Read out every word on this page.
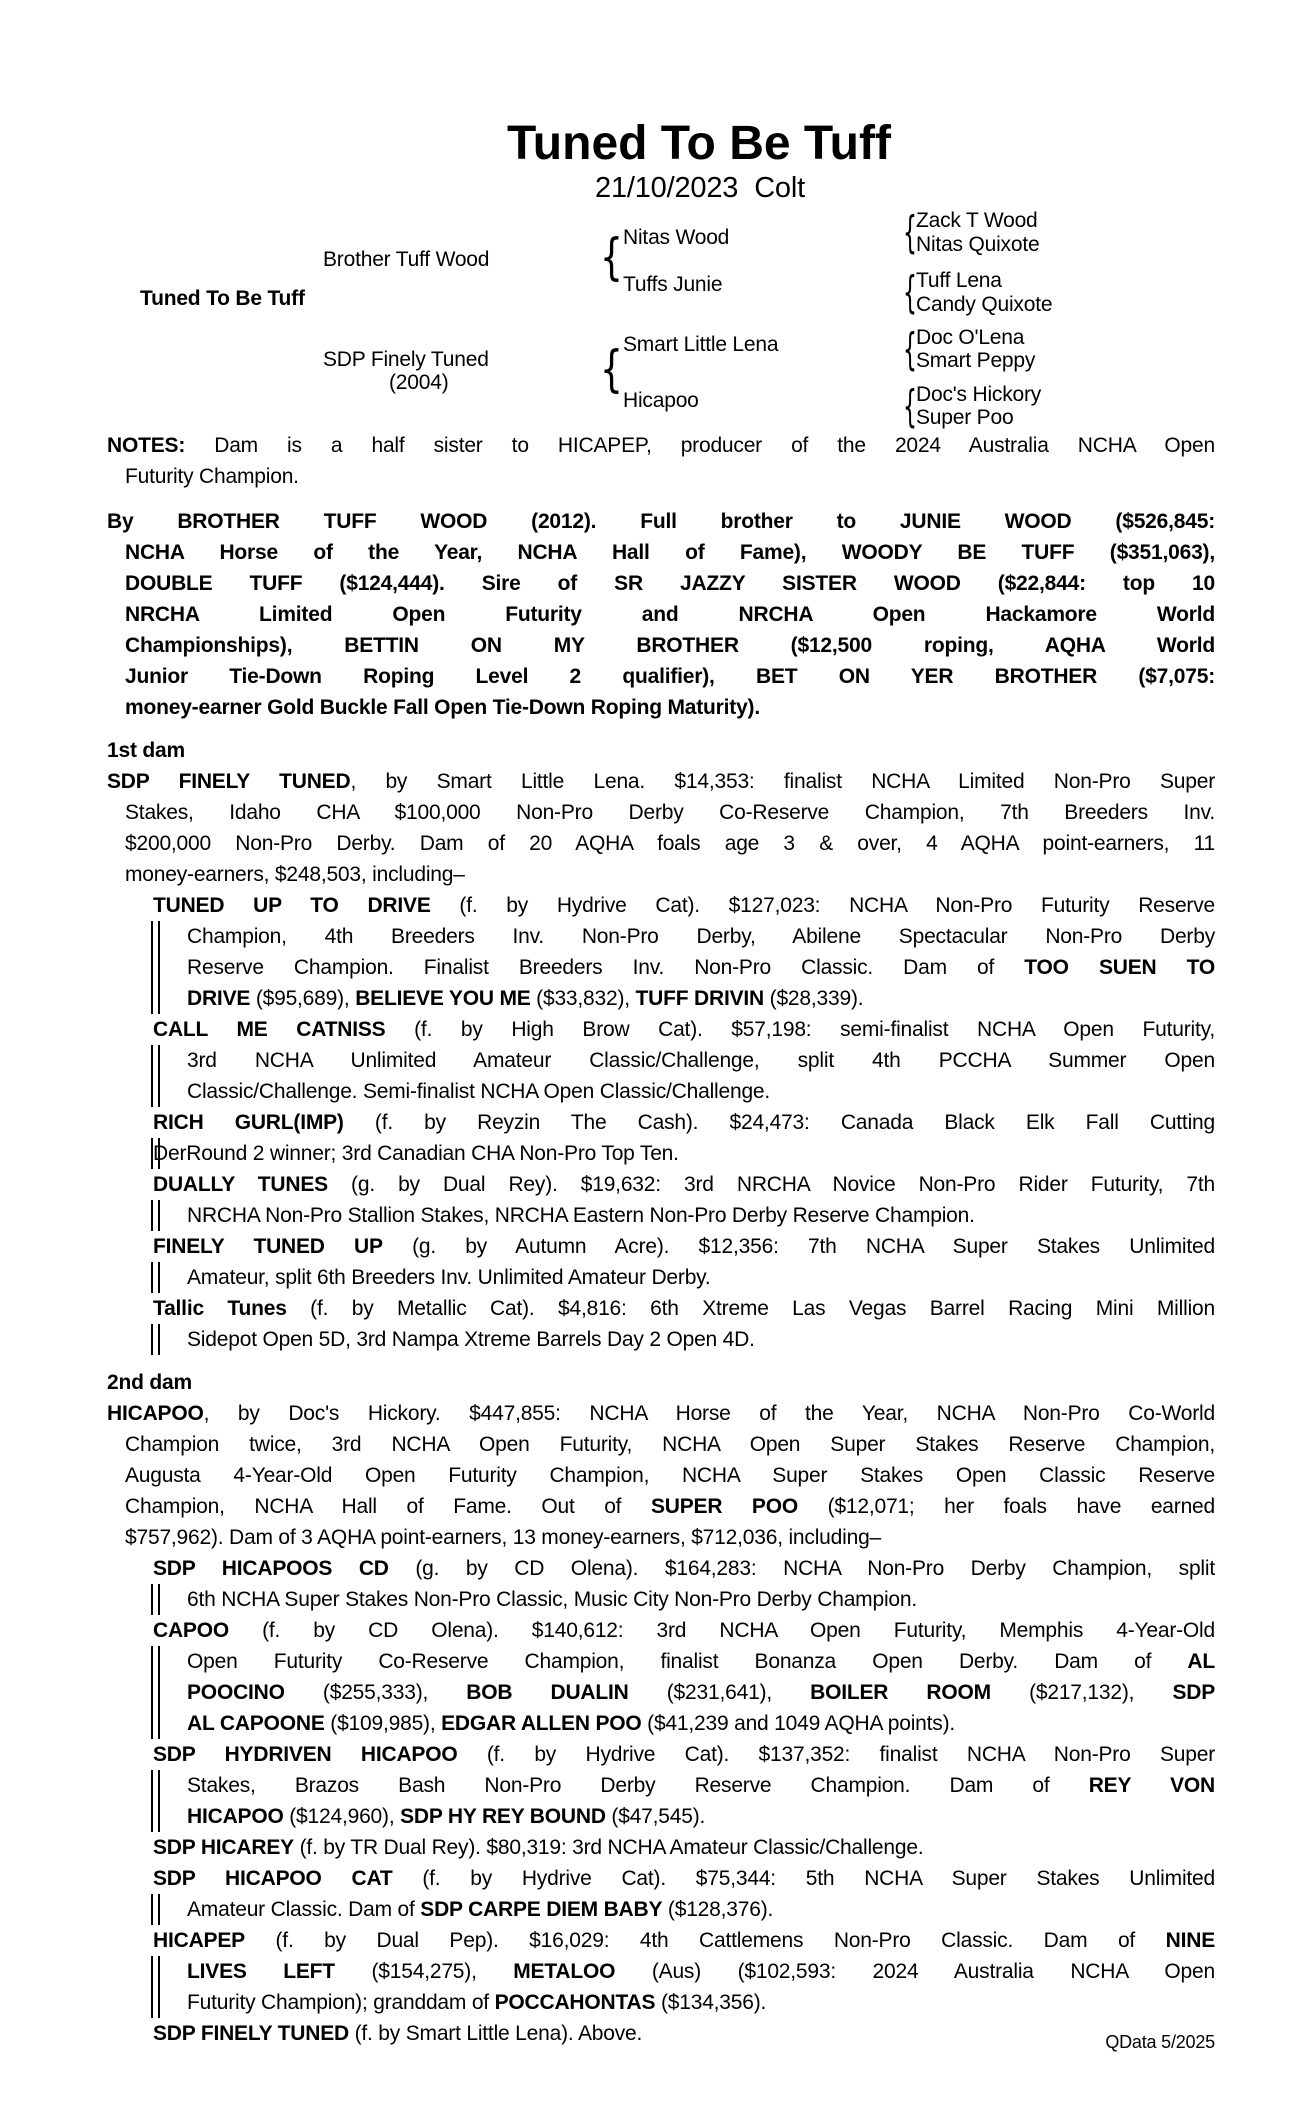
Tuned To Be Tuff
21/10/2023 Colt
Tuned To Be Tuff
Brother Tuff Wood
SDP Finely Tuned
(2004)
{
{
Nitas Wood
Tuffs Junie
Smart Little Lena
Hicapoo
{
{
{
{
Zack T Wood
Nitas Quixote
Tuff Lena
Candy Quixote
Doc O'Lena
Smart Peppy
Doc's Hickory
Super Poo
NOTES: Dam is a half sister to HICAPEP, producer of the 2024 Australia NCHA Open
Futurity Champion.
By BROTHER TUFF WOOD (2012). Full brother to JUNIE WOOD ($526,845:
NCHA Horse of the Year, NCHA Hall of Fame), WOODY BE TUFF ($351,063),
DOUBLE TUFF ($124,444). Sire of SR JAZZY SISTER WOOD ($22,844: top 10
NRCHA Limited Open Futurity and NRCHA Open Hackamore World
Championships), BETTIN ON MY BROTHER ($12,500 roping, AQHA World
Junior Tie-Down Roping Level 2 qualifier), BET ON YER BROTHER ($7,075:
money-earner Gold Buckle Fall Open Tie-Down Roping Maturity).
1st dam
SDP FINELY TUNED, by Smart Little Lena. $14,353: finalist NCHA Limited Non-Pro Super
Stakes, Idaho CHA $100,000 Non-Pro Derby Co-Reserve Champion, 7th Breeders Inv.
$200,000 Non-Pro Derby. Dam of 20 AQHA foals age 3 & over, 4 AQHA point-earners, 11
money-earners, $248,503, including–
TUNED UP TO DRIVE (f. by Hydrive Cat). $127,023: NCHA Non-Pro Futurity Reserve
Champion, 4th Breeders Inv. Non-Pro Derby, Abilene Spectacular Non-Pro Derby
Reserve Champion. Finalist Breeders Inv. Non-Pro Classic. Dam of TOO SUEN TO
DRIVE ($95,689), BELIEVE YOU ME ($33,832), TUFF DRIVIN ($28,339).
CALL ME CATNISS (f. by High Brow Cat). $57,198: semi-finalist NCHA Open Futurity,
3rd NCHA Unlimited Amateur Classic/Challenge, split 4th PCCHA Summer Open
Classic/Challenge. Semi-finalist NCHA Open Classic/Challenge.
RICH GURL(IMP) (f. by Reyzin The Cash). $24,473: Canada Black Elk Fall Cutting
DerRound 2 winner; 3rd Canadian CHA Non-Pro Top Ten.
DUALLY TUNES (g. by Dual Rey). $19,632: 3rd NRCHA Novice Non-Pro Rider Futurity, 7th
NRCHA Non-Pro Stallion Stakes, NRCHA Eastern Non-Pro Derby Reserve Champion.
FINELY TUNED UP (g. by Autumn Acre). $12,356: 7th NCHA Super Stakes Unlimited
Amateur, split 6th Breeders Inv. Unlimited Amateur Derby.
Tallic Tunes (f. by Metallic Cat). $4,816: 6th Xtreme Las Vegas Barrel Racing Mini Million
Sidepot Open 5D, 3rd Nampa Xtreme Barrels Day 2 Open 4D.
2nd dam
HICAPOO, by Doc's Hickory. $447,855: NCHA Horse of the Year, NCHA Non-Pro Co-World
Champion twice, 3rd NCHA Open Futurity, NCHA Open Super Stakes Reserve Champion,
Augusta 4-Year-Old Open Futurity Champion, NCHA Super Stakes Open Classic Reserve
Champion, NCHA Hall of Fame. Out of SUPER POO ($12,071; her foals have earned
$757,962). Dam of 3 AQHA point-earners, 13 money-earners, $712,036, including–
SDP HICAPOOS CD (g. by CD Olena). $164,283: NCHA Non-Pro Derby Champion, split
6th NCHA Super Stakes Non-Pro Classic, Music City Non-Pro Derby Champion.
CAPOO (f. by CD Olena). $140,612: 3rd NCHA Open Futurity, Memphis 4-Year-Old
Open Futurity Co-Reserve Champion, finalist Bonanza Open Derby. Dam of AL
POOCINO ($255,333), BOB DUALIN ($231,641), BOILER ROOM ($217,132), SDP
AL CAPOONE ($109,985), EDGAR ALLEN POO ($41,239 and 1049 AQHA points).
SDP HYDRIVEN HICAPOO (f. by Hydrive Cat). $137,352: finalist NCHA Non-Pro Super
Stakes, Brazos Bash Non-Pro Derby Reserve Champion. Dam of REY VON
HICAPOO ($124,960), SDP HY REY BOUND ($47,545).
SDP HICAREY (f. by TR Dual Rey). $80,319: 3rd NCHA Amateur Classic/Challenge.
SDP HICAPOO CAT (f. by Hydrive Cat). $75,344: 5th NCHA Super Stakes Unlimited
Amateur Classic. Dam of SDP CARPE DIEM BABY ($128,376).
HICAPEP (f. by Dual Pep). $16,029: 4th Cattlemens Non-Pro Classic. Dam of NINE
LIVES LEFT ($154,275), METALOO (Aus) ($102,593: 2024 Australia NCHA Open
Futurity Champion); granddam of POCCAHONTAS ($134,356).
SDP FINELY TUNED (f. by Smart Little Lena). Above.	QData 5/2025
